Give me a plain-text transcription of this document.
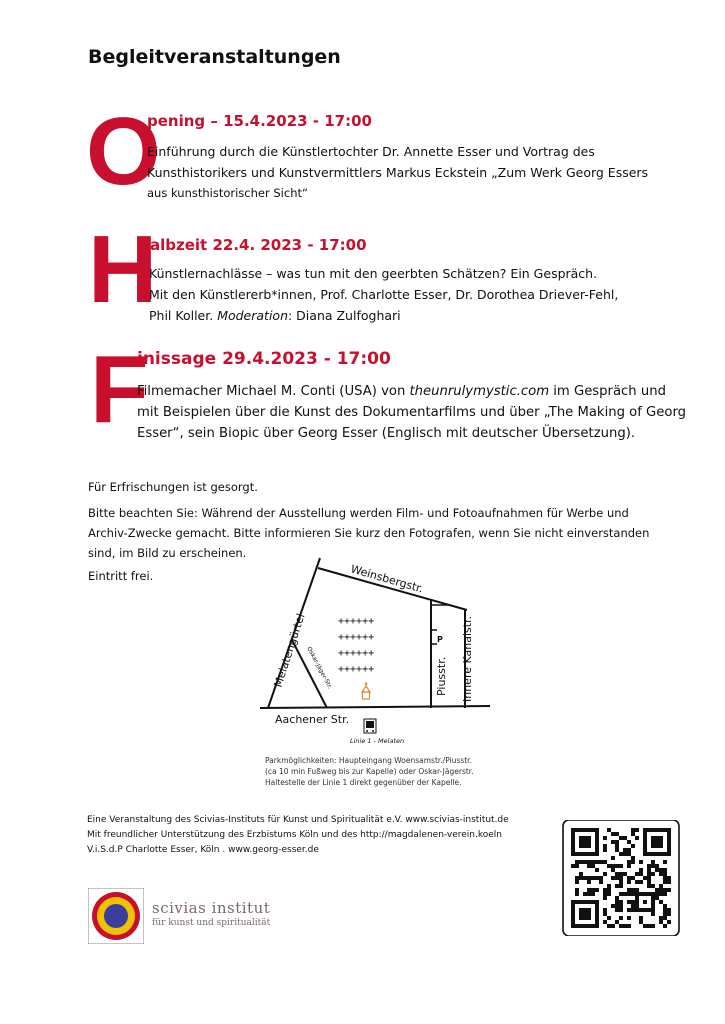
Begleitveranstaltungen
O
pening – 15.4.2023 - 17:00
Einführung durch die Künstlertochter Dr. Annette Esser und Vortrag des
Kunsthistorikers und Kunstvermittlers Markus Eckstein „Zum Werk Georg Essers
aus kunsthistorischer Sicht“
H
albzeit 22.4. 2023 - 17:00
Künstlernachlässe – was tun mit den geerbten Schätzen? Ein Gespräch.
Mit den Künstlererb*innen, Prof. Charlotte Esser, Dr. Dorothea Driever-Fehl,
Phil Koller. Moderation: Diana Zulfoghari
F
inissage 29.4.2023 - 17:00
Filmemacher Michael M. Conti (USA) von theunrulymystic.com im Gespräch und
mit Beispielen über die Kunst des Dokumentarfilms und über „The Making of Georg
Esser“, sein Biopic über Georg Esser (Englisch mit deutscher Übersetzung).
Für Erfrischungen ist gesorgt.
Bitte beachten Sie: Während der Ausstellung werden Film- und Fotoaufnahmen für Werbe und
Archiv-Zwecke gemacht. Bitte informieren Sie kurz den Fotografen, wenn Sie nicht einverstanden
sind, im Bild zu erscheinen.
Eintritt frei.
P
Weinsbergstr.
Melatengürtel
Oskar-Jäger-Str.	Piusstr. Innere Kanalstr.
Aachener Str.
++++++
++++++
++++++
++++++
Linie 1 - Melaten
Parkmöglichkeiten: Haupteingang Woensamstr./Piusstr.
(ca 10 min Fußweg bis zur Kapelle) oder Oskar-Jägerstr.
Haltestelle der Linie 1 direkt gegenüber der Kapelle.
Eine Veranstaltung des Scivias-Instituts für Kunst und Spiritualität e.V. www.scivias-institut.de
Mit freundlicher Unterstützung des Erzbistums Köln und des http://magdalenen-verein.koeln
V.i.S.d.P Charlotte Esser, Köln . www.georg-esser.de
scivias institut
für kunst und spiritualität
